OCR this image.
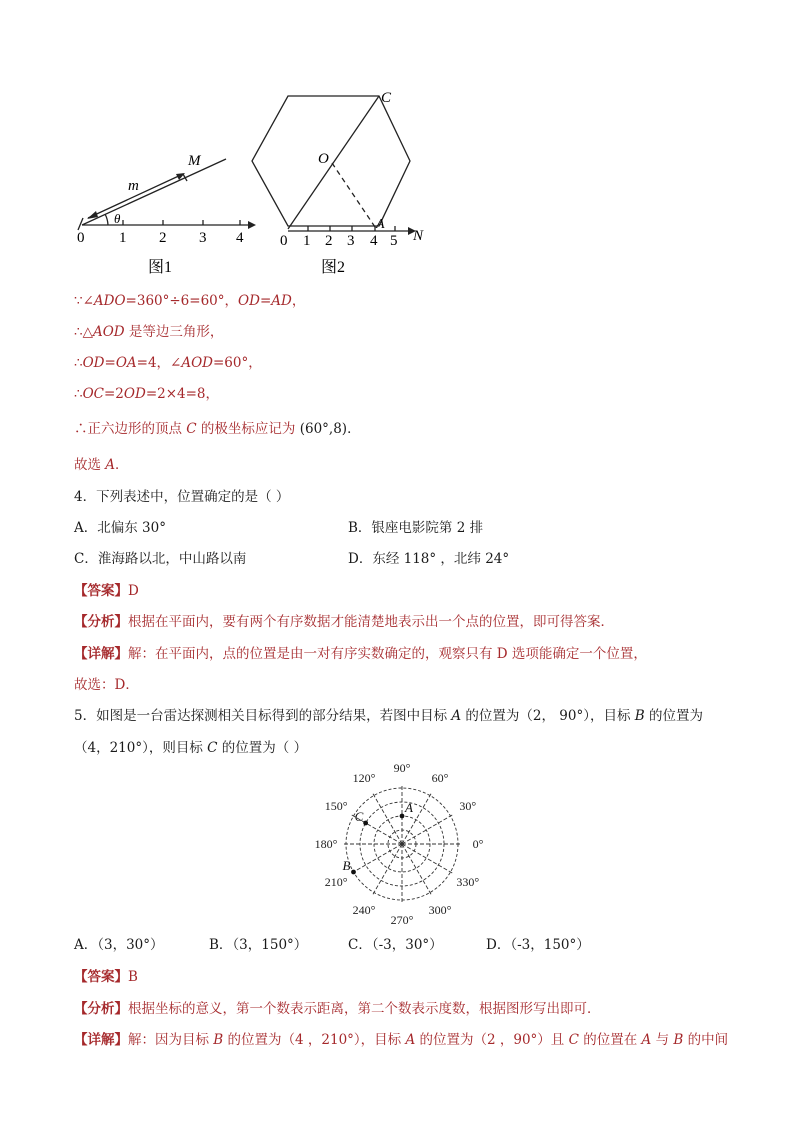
M
m
θ
0 1 2 3 4
图1
C
O
A
N
0 1 2 3 4 5
图2
∵∠ADO=360°÷6=60°，OD=AD，
∴△AOD 是等边三角形，
∴OD=OA=4，∠AOD=60°，
∴OC=2OD=2×4=8，
∴正六边形的顶点 C 的极坐标应记为 (60°,8)．
故选 A．
4．下列表述中，位置确定的是（ ）
A．北偏东 30°	B．银座电影院第 2 排
C．淮海路以北，中山路以南	D．东经 118° ，北纬 24°
【答案】D
【分析】根据在平面内，要有两个有序数据才能清楚地表示出一个点的位置，即可得答案．
【详解】解：在平面内，点的位置是由一对有序实数确定的，观察只有 D 选项能确定一个位置，
故选：D．
5．如图是一台雷达探测相关目标得到的部分结果，若图中目标 A 的位置为（2， 90°），目标 B 的位置为
（4，210°），则目标 C 的位置为（ ）
0°
30°
60°
90°
120°
150°
180°
210°
240°
270°
300°
330°
A
B
C
A．（3，30°）	B．（3，150°）	C．（-3，30°）	D．（-3，150°）
【答案】B
【分析】根据坐标的意义，第一个数表示距离，第二个数表示度数，根据图形写出即可．
【详解】解：因为目标 B 的位置为（4 ，210°），目标 A 的位置为（2 ，90°）且 C 的位置在 A 与 B 的中间
